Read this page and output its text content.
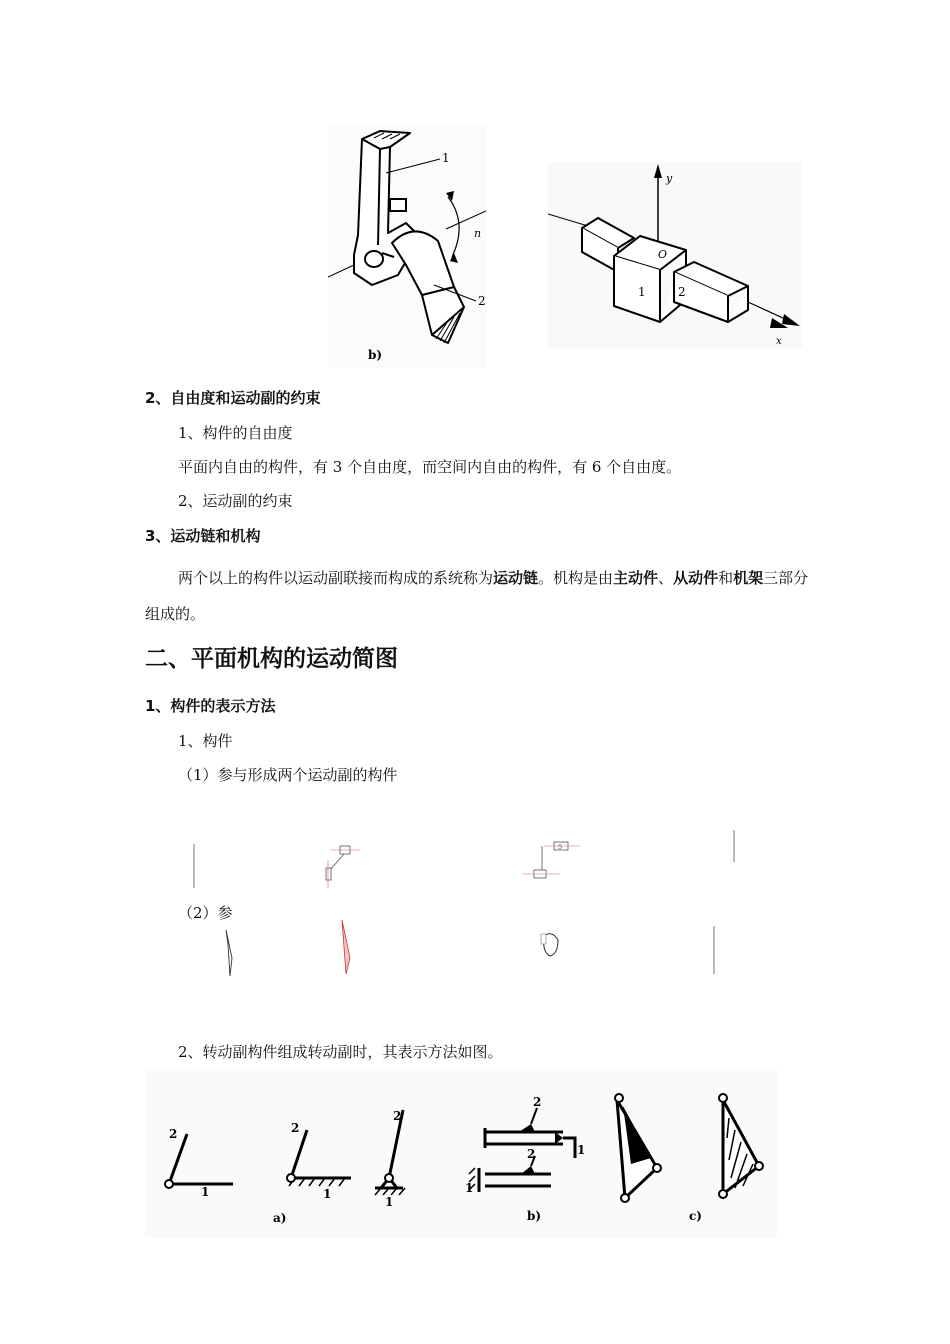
1
2
n
b)
y
x
O
1	2
2、自由度和运动副的约束
1、构件的自由度
平面内自由的构件，有 3 个自由度，而空间内自由的构件，有 6 个自由度。
2、运动副的约束
3、运动链和机构
两个以上的构件以运动副联接而构成的系统称为运动链。机构是由主动件、从动件和机架三部分组成的。
二、平面机构的运动简图
1、构件的表示方法
1、构件
（1）参与形成两个运动副的构件
S
（2）参
2、转动副构件组成转动副时，其表示方法如图。
2
1
2
1
2
1
2
1
2
1
a)	b)	c)
